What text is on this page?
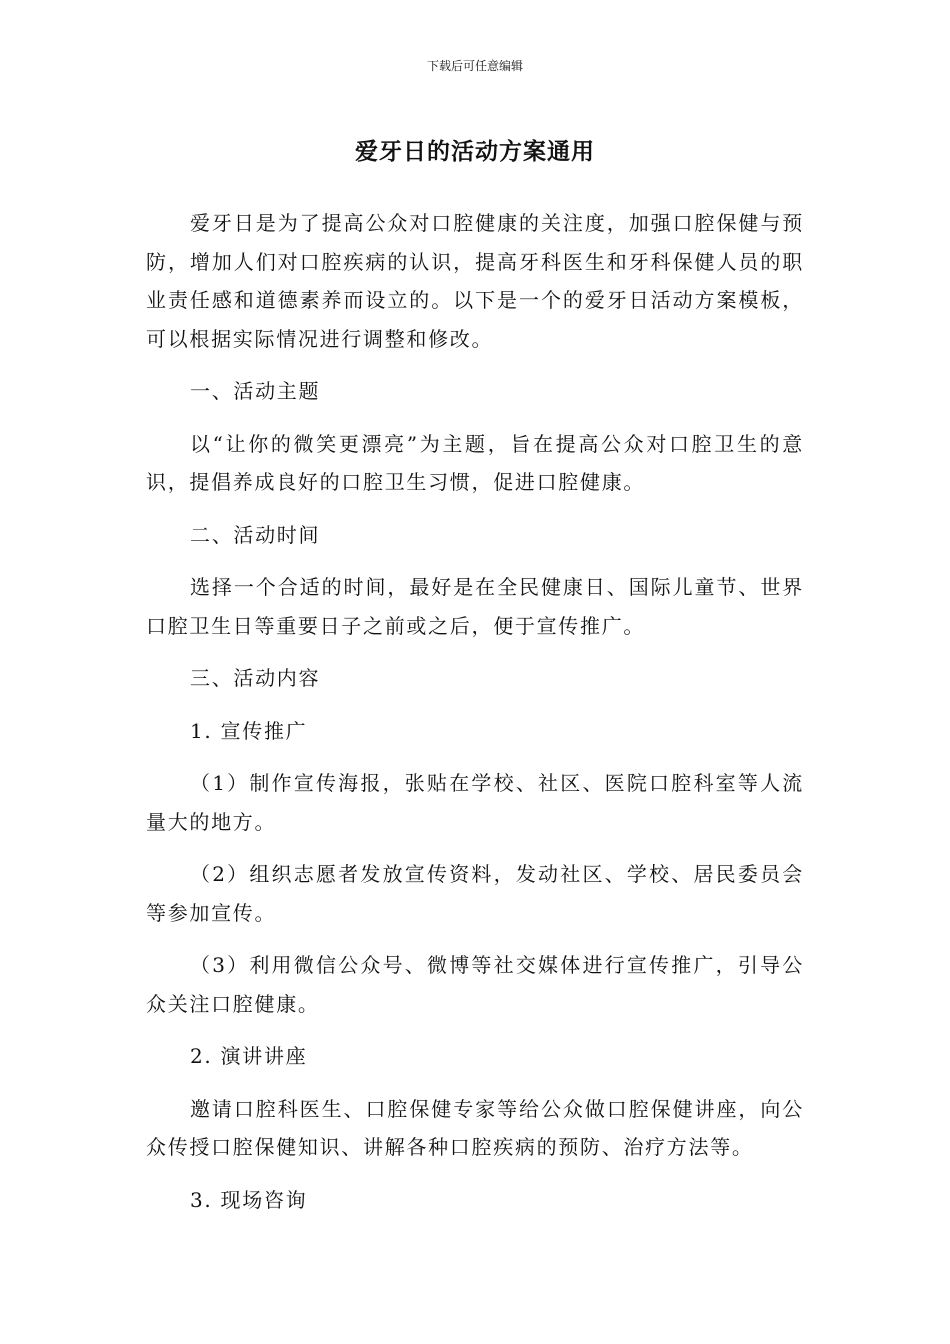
下载后可任意编辑
爱牙日的活动方案通用

爱牙日是为了提高公众对口腔健康的关注度，加强口腔保健与预防，增加人们对口腔疾病的认识，提高牙科医生和牙科保健人员的职业责任感和道德素养而设立的。以下是一个的爱牙日活动方案模板，可以根据实际情况进行调整和修改。

一、活动主题

以“让你的微笑更漂亮”为主题，旨在提高公众对口腔卫生的意识，提倡养成良好的口腔卫生习惯，促进口腔健康。

二、活动时间

选择一个合适的时间，最好是在全民健康日、国际儿童节、世界口腔卫生日等重要日子之前或之后，便于宣传推广。

三、活动内容

1. 宣传推广

（1）制作宣传海报，张贴在学校、社区、医院口腔科室等人流量大的地方。

（2）组织志愿者发放宣传资料，发动社区、学校、居民委员会等参加宣传。

（3）利用微信公众号、微博等社交媒体进行宣传推广，引导公众关注口腔健康。

2. 演讲讲座

邀请口腔科医生、口腔保健专家等给公众做口腔保健讲座，向公众传授口腔保健知识、讲解各种口腔疾病的预防、治疗方法等。

3. 现场咨询
